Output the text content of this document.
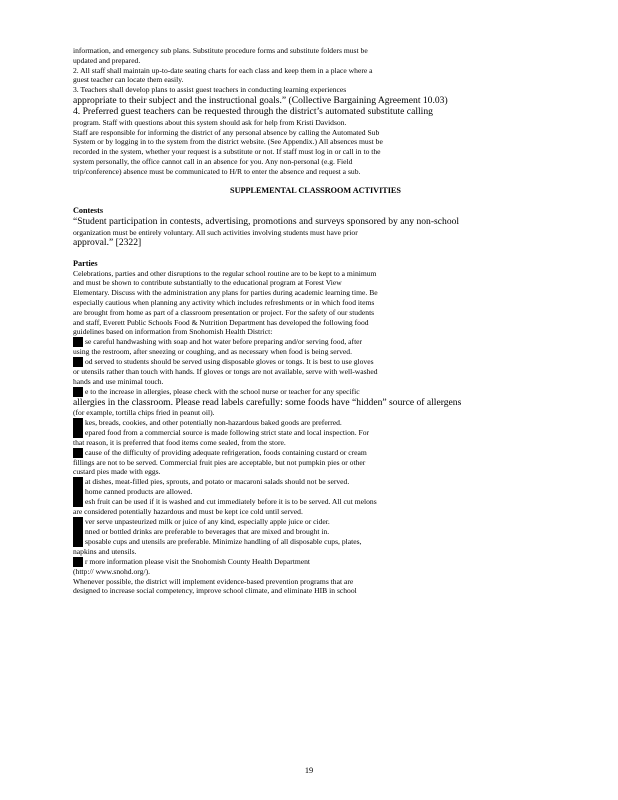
information, and emergency sub plans. Substitute procedure forms and substitute folders must be
updated and prepared.
2. All staff shall maintain up-to-date seating charts for each class and keep them in a place where a
guest teacher can locate them easily.
3. Teachers shall develop plans to assist guest teachers in conducting learning experiences
appropriate to their subject and the instructional goals.” (Collective Bargaining Agreement 10.03)
4. Preferred guest teachers can be requested through the district’s automated substitute calling
program. Staff with questions about this system should ask for help from Kristi Davidson.
Staff are responsible for informing the district of any personal absence by calling the Automated Sub
System or by logging in to the system from the district website. (See Appendix.) All absences must be
recorded in the system, whether your request is a substitute or not. If staff must log in or call in to the
system personally, the office cannot call in an absence for you. Any non-personal (e.g. Field
trip/conference) absence must be communicated to H/R to enter the absence and request a sub.
SUPPLEMENTAL CLASSROOM ACTIVITIES
Contests
“Student participation in contests, advertising, promotions and surveys sponsored by any non-school
organization must be entirely voluntary. All such activities involving students must have prior
approval.” [2322]
Parties
Celebrations, parties and other disruptions to the regular school routine are to be kept to a minimum
and must be shown to contribute substantially to the educational program at Forest View
Elementary. Discuss with the administration any plans for parties during academic learning time. Be
especially cautious when planning any activity which includes refreshments or in which food items
are brought from home as part of a classroom presentation or project. For the safety of our students
and staff, Everett Public Schools Food & Nutrition Department has developed the following food
guidelines based on information from Snohomish Health District:
se careful handwashing with soap and hot water before preparing and/or serving food, after
using the restroom, after sneezing or coughing, and as necessary when food is being served.
od served to students should be served using disposable gloves or tongs. It is best to use gloves
or utensils rather than touch with hands. If gloves or tongs are not available, serve with well-washed
hands and use minimal touch.
e to the increase in allergies, please check with the school nurse or teacher for any specific
allergies in the classroom. Please read labels carefully: some foods have “hidden” source of allergens
(for example, tortilla chips fried in peanut oil).
kes, breads, cookies, and other potentially non-hazardous baked goods are preferred.
epared food from a commercial source is made following strict state and local inspection. For
that reason, it is preferred that food items come sealed, from the store.
cause of the difficulty of providing adequate refrigeration, foods containing custard or cream
fillings are not to be served. Commercial fruit pies are acceptable, but not pumpkin pies or other
custard pies made with eggs.
at dishes, meat-filled pies, sprouts, and potato or macaroni salads should not be served.
home canned products are allowed.
esh fruit can be used if it is washed and cut immediately before it is to be served. All cut melons
are considered potentially hazardous and must be kept ice cold until served.
ver serve unpasteurized milk or juice of any kind, especially apple juice or cider.
nned or bottled drinks are preferable to beverages that are mixed and brought in.
sposable cups and utensils are preferable. Minimize handling of all disposable cups, plates,
napkins and utensils.
r more information please visit the Snohomish County Health Department
(http:// www.snohd.org/).
Whenever possible, the district will implement evidence-based prevention programs that are
designed to increase social competency, improve school climate, and eliminate HIB in school
19
